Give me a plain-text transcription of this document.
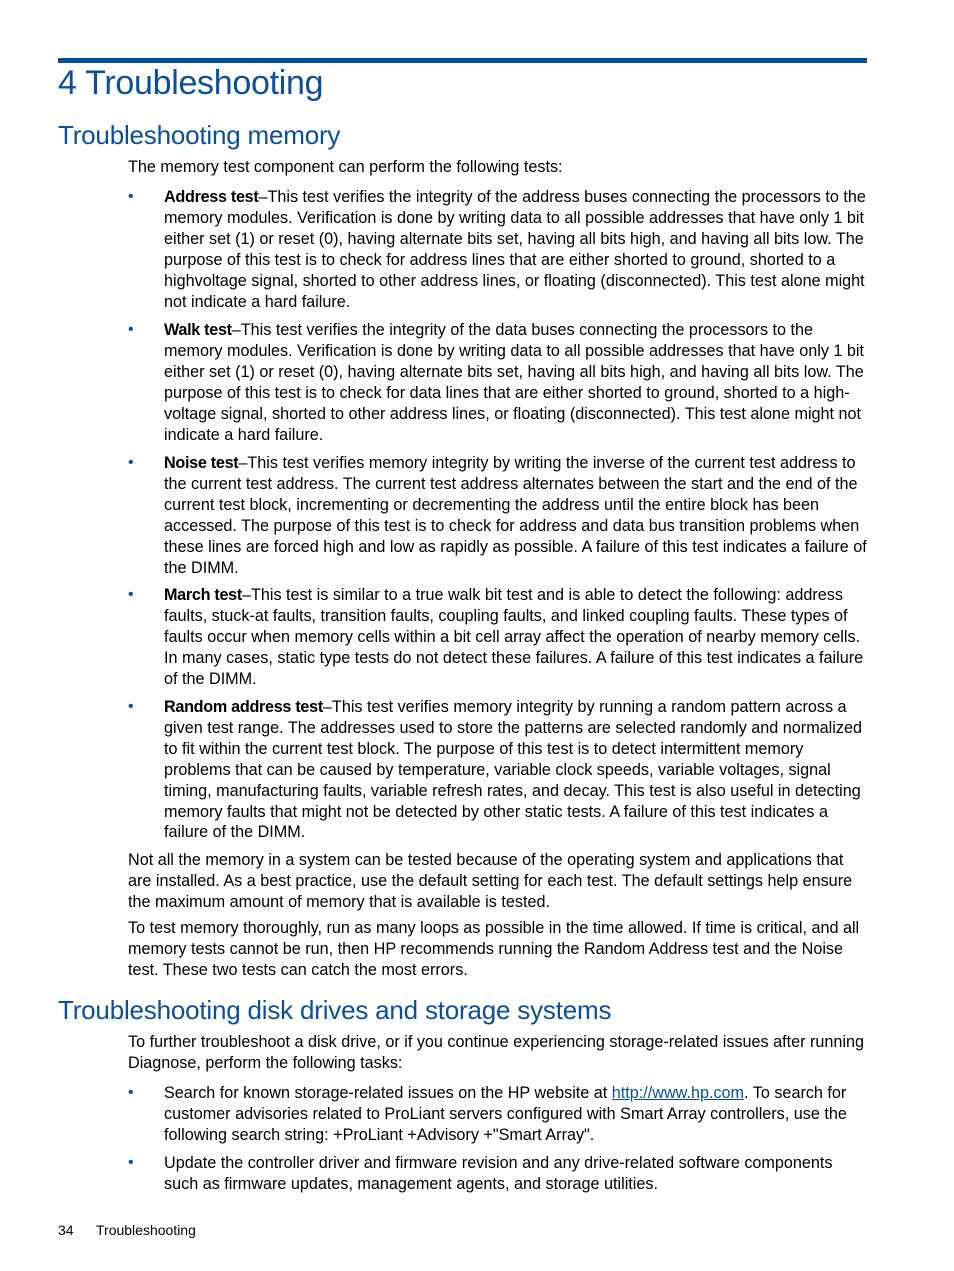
4 Troubleshooting
Troubleshooting memory

The memory test component can perform the following tests:

• Address test–This test verifies the integrity of the address buses connecting the processors to the memory modules. Verification is done by writing data to all possible addresses that have only 1 bit either set (1) or reset (0), having alternate bits set, having all bits high, and having all bits low. The purpose of this test is to check for address lines that are either shorted to ground, shorted to a highvoltage signal, shorted to other address lines, or floating (disconnected). This test alone might not indicate a hard failure.

• Walk test–This test verifies the integrity of the data buses connecting the processors to the memory modules. Verification is done by writing data to all possible addresses that have only 1 bit either set (1) or reset (0), having alternate bits set, having all bits high, and having all bits low. The purpose of this test is to check for data lines that are either shorted to ground, shorted to a high-voltage signal, shorted to other address lines, or floating (disconnected). This test alone might not indicate a hard failure.

• Noise test–This test verifies memory integrity by writing the inverse of the current test address to the current test address. The current test address alternates between the start and the end of the current test block, incrementing or decrementing the address until the entire block has been accessed. The purpose of this test is to check for address and data bus transition problems when these lines are forced high and low as rapidly as possible. A failure of this test indicates a failure of the DIMM.

• March test–This test is similar to a true walk bit test and is able to detect the following: address faults, stuck-at faults, transition faults, coupling faults, and linked coupling faults. These types of faults occur when memory cells within a bit cell array affect the operation of nearby memory cells. In many cases, static type tests do not detect these failures. A failure of this test indicates a failure of the DIMM.

• Random address test–This test verifies memory integrity by running a random pattern across a given test range. The addresses used to store the patterns are selected randomly and normalized to fit within the current test block. The purpose of this test is to detect intermittent memory problems that can be caused by temperature, variable clock speeds, variable voltages, signal timing, manufacturing faults, variable refresh rates, and decay. This test is also useful in detecting memory faults that might not be detected by other static tests. A failure of this test indicates a failure of the DIMM.

Not all the memory in a system can be tested because of the operating system and applications that are installed. As a best practice, use the default setting for each test. The default settings help ensure the maximum amount of memory that is available is tested.

To test memory thoroughly, run as many loops as possible in the time allowed. If time is critical, and all memory tests cannot be run, then HP recommends running the Random Address test and the Noise test. These two tests can catch the most errors.

Troubleshooting disk drives and storage systems

To further troubleshoot a disk drive, or if you continue experiencing storage-related issues after running Diagnose, perform the following tasks:

• Search for known storage-related issues on the HP website at http://www.hp.com. To search for customer advisories related to ProLiant servers configured with Smart Array controllers, use the following search string: +ProLiant +Advisory +"Smart Array".

• Update the controller driver and firmware revision and any drive-related software components such as firmware updates, management agents, and storage utilities.

34 Troubleshooting
